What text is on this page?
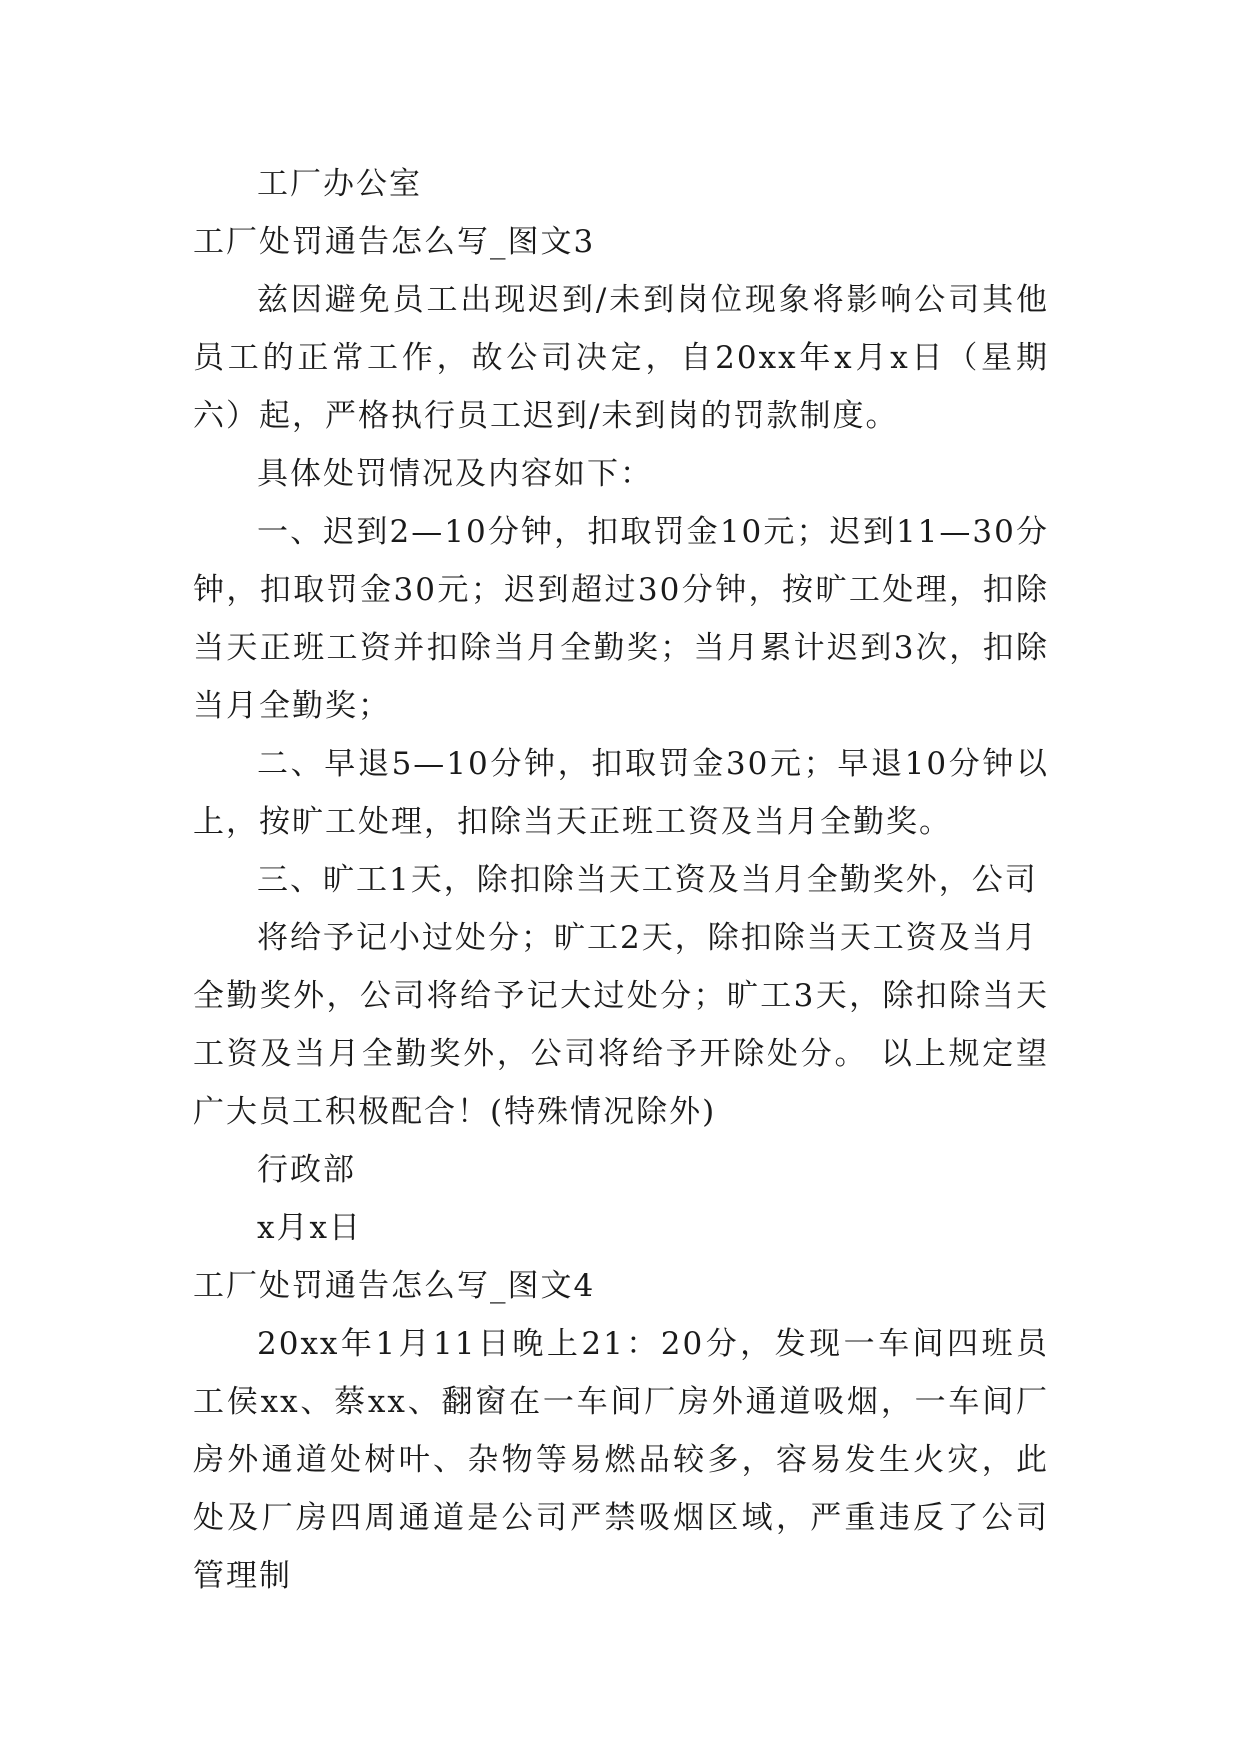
工厂办公室

工厂处罚通告怎么写_图文3

兹因避免员工出现迟到/未到岗位现象将影响公司其他员工的正常工作，故公司决定，自20xx年x月x日（星期六）起，严格执行员工迟到/未到岗的罚款制度。

具体处罚情况及内容如下：

一、迟到2—10分钟，扣取罚金10元；迟到11—30分钟，扣取罚金30元；迟到超过30分钟，按旷工处理，扣除当天正班工资并扣除当月全勤奖；当月累计迟到3次，扣除当月全勤奖；

二、早退5—10分钟，扣取罚金30元；早退10分钟以上，按旷工处理，扣除当天正班工资及当月全勤奖。

三、旷工1天，除扣除当天工资及当月全勤奖外，公司

将给予记小过处分；旷工2天，除扣除当天工资及当月

全勤奖外，公司将给予记大过处分；旷工3天，除扣除当天工资及当月全勤奖外，公司将给予开除处分。 以上规定望广大员工积极配合！(特殊情况除外)

行政部

x月x日

工厂处罚通告怎么写_图文4

20xx年1月11日晚上21：20分，发现一车间四班员工侯xx、蔡xx、翻窗在一车间厂房外通道吸烟，一车间厂房外通道处树叶、杂物等易燃品较多，容易发生火灾，此处及厂房四周通道是公司严禁吸烟区域，严重违反了公司管理制
